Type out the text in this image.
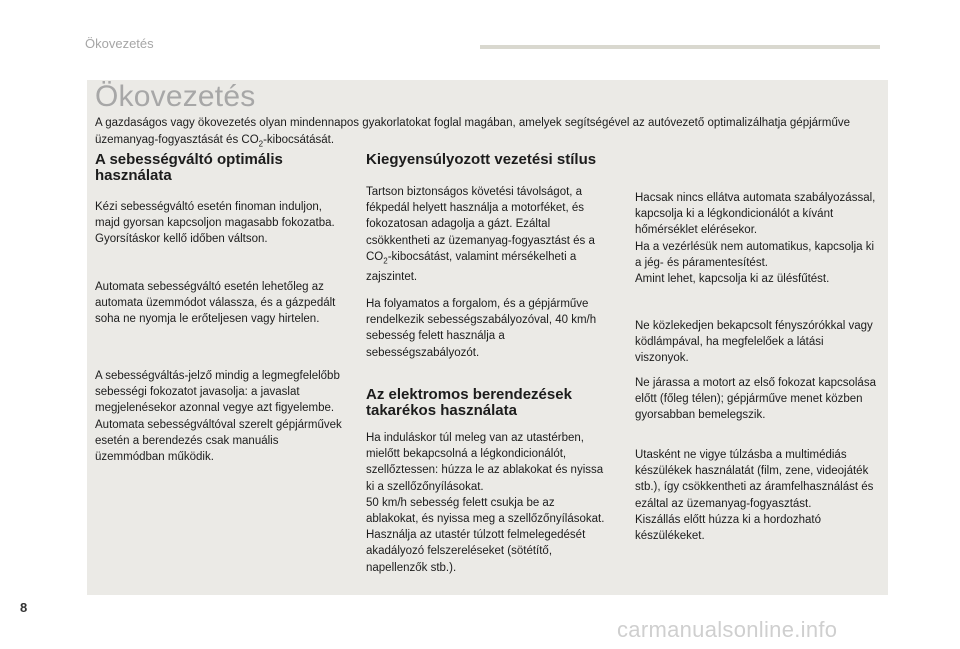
Ökovezetés
Ökovezetés

A gazdaságos vagy ökovezetés olyan mindennapos gyakorlatokat foglal magában, amelyek segítségével az autóvezető optimalizálhatja gépjárműve üzemanyag-fogyasztását és $CO_2$-kibocsátását.

A sebességváltó optimális
használata

Kézi sebességváltó esetén finoman induljon, majd gyorsan kapcsoljon magasabb fokozatba. Gyorsításkor kellő időben váltson.

Automata sebességváltó esetén lehetőleg az automata üzemmódot válassza, és a gázpedált soha ne nyomja le erőteljesen vagy hirtelen.

A sebességváltás-jelző mindig a legmegfelelőbb sebességi fokozatot javasolja: a javaslat megjelenésekor azonnal vegye azt figyelembe.
Automata sebességváltóval szerelt gépjárművek esetén a berendezés csak manuális üzemmódban működik.

Kiegyensúlyozott vezetési stílus

Tartson biztonságos követési távolságot, a fékpedál helyett használja a motorféket, és fokozatosan adagolja a gázt. Ezáltal csökkentheti az üzemanyag-fogyasztást és a $CO_2$-kibocsátást, valamint mérsékelheti a zajszintet.

Ha folyamatos a forgalom, és a gépjárműve rendelkezik sebességszabályozóval, 40 km/h sebesség felett használja a sebességszabályozót.

Az elektromos berendezések
takarékos használata

Ha induláskor túl meleg van az utastérben, mielőtt bekapcsolná a légkondicionálót, szellőztessen: húzza le az ablakokat és nyissa ki a szellőzőnyílásokat.
50 km/h sebesség felett csukja be az ablakokat, és nyissa meg a szellőzőnyílásokat.
Használja az utastér túlzott felmelegedését akadályozó felszereléseket (sötétítő, napellenzők stb.).

Hacsak nincs ellátva automata szabályozással, kapcsolja ki a légkondicionálót a kívánt hőmérséklet elérésekor.
Ha a vezérlésük nem automatikus, kapcsolja ki a jég- és páramentesítést.
Amint lehet, kapcsolja ki az ülésfűtést.

Ne közlekedjen bekapcsolt fényszórókkal vagy ködlámpával, ha megfelelőek a látási viszonyok.

Ne járassa a motort az első fokozat kapcsolása előtt (főleg télen); gépjárműve menet közben gyorsabban bemelegszik.

Utasként ne vigye túlzásba a multimédiás készülékek használatát (film, zene, videojáték stb.), így csökkentheti az áramfelhasználást és ezáltal az üzemanyag-fogyasztást.
Kiszállás előtt húzza ki a hordozható készülékeket.

8
carmanualsonline.info
